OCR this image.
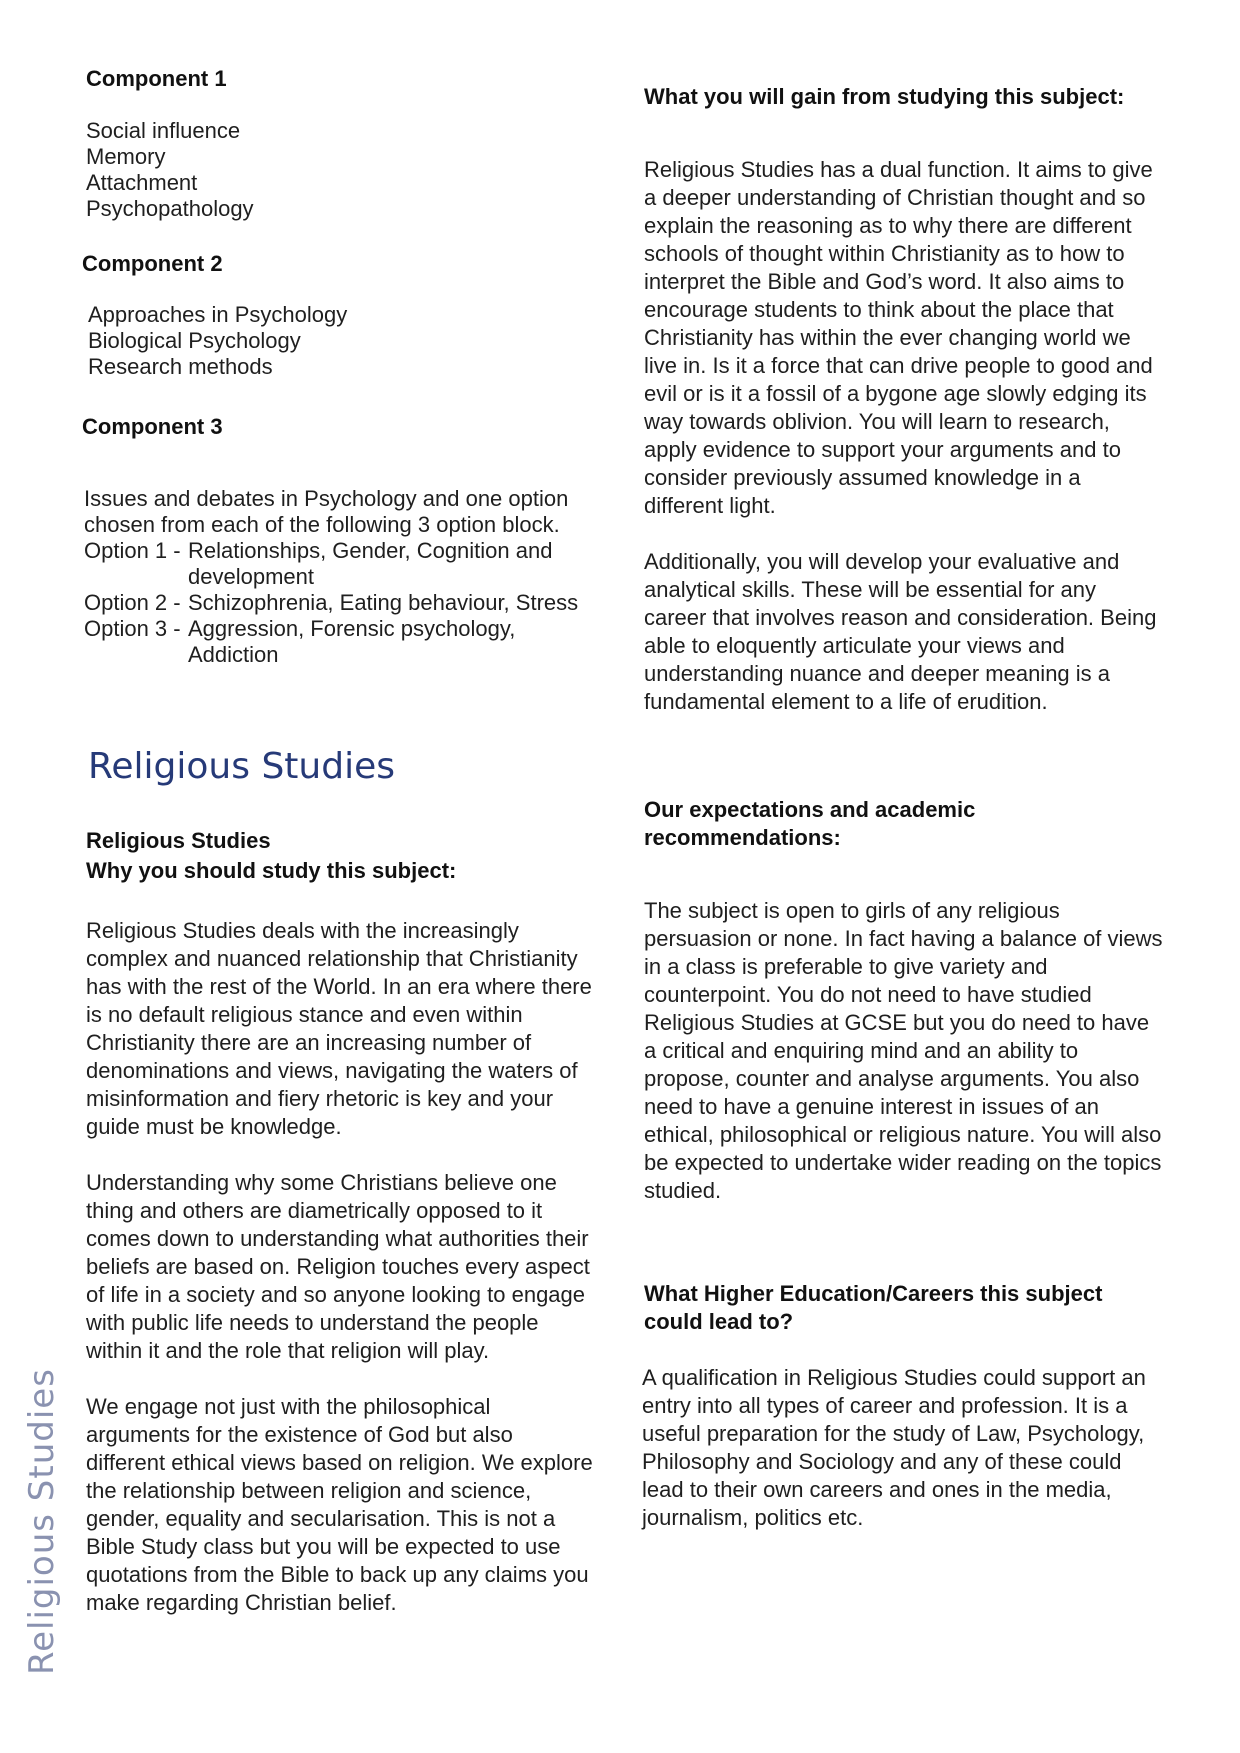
Component 1

Social influence

Memory

Attachment

Psychopathology

Component 2

Approaches in Psychology

Biological Psychology

Research methods

Component 3

Issues and debates in Psychology and one option chosen from each of the following 3 option block.

Option 1 - Relationships, Gender, Cognition and development
Option 2 - Schizophrenia, Eating behaviour, Stress
Option 3 - Aggression, Forensic psychology, Addiction
Religious Studies
Religious Studies
Why you should study this subject:

Religious Studies deals with the increasingly complex and nuanced relationship that Christianity has with the rest of the World. In an era where there is no default religious stance and even within Christianity there are an increasing number of denominations and views, navigating the waters of misinformation and fiery rhetoric is key and your guide must be knowledge.

Understanding why some Christians believe one thing and others are diametrically opposed to it comes down to understanding what authorities their beliefs are based on. Religion touches every aspect of life in a society and so anyone looking to engage with public life needs to understand the people within it and the role that religion will play.

We engage not just with the philosophical arguments for the existence of God but also different ethical views based on religion. We explore the relationship between religion and science, gender, equality and secularisation. This is not a Bible Study class but you will be expected to use quotations from the Bible to back up any claims you make regarding Christian belief.

What you will gain from studying this subject:

Religious Studies has a dual function. It aims to give a deeper understanding of Christian thought and so explain the reasoning as to why there are different schools of thought within Christianity as to how to interpret the Bible and God’s word. It also aims to encourage students to think about the place that Christianity has within the ever changing world we live in. Is it a force that can drive people to good and evil or is it a fossil of a bygone age slowly edging its way towards oblivion. You will learn to research, apply evidence to support your arguments and to consider previously assumed knowledge in a different light.

Additionally, you will develop your evaluative and analytical skills. These will be essential for any career that involves reason and consideration. Being able to eloquently articulate your views and understanding nuance and deeper meaning is a fundamental element to a life of erudition.

Our expectations and academic recommendations:

The subject is open to girls of any religious persuasion or none. In fact having a balance of views in a class is preferable to give variety and counterpoint. You do not need to have studied Religious Studies at GCSE but you do need to have a critical and enquiring mind and an ability to propose, counter and analyse arguments. You also need to have a genuine interest in issues of an ethical, philosophical or religious nature. You will also be expected to undertake wider reading on the topics studied.

What Higher Education/Careers this subject could lead to?

A qualification in Religious Studies could support an entry into all types of career and profession. It is a useful preparation for the study of Law, Psychology, Philosophy and Sociology and any of these could lead to their own careers and ones in the media, journalism, politics etc.

Religious Studies
